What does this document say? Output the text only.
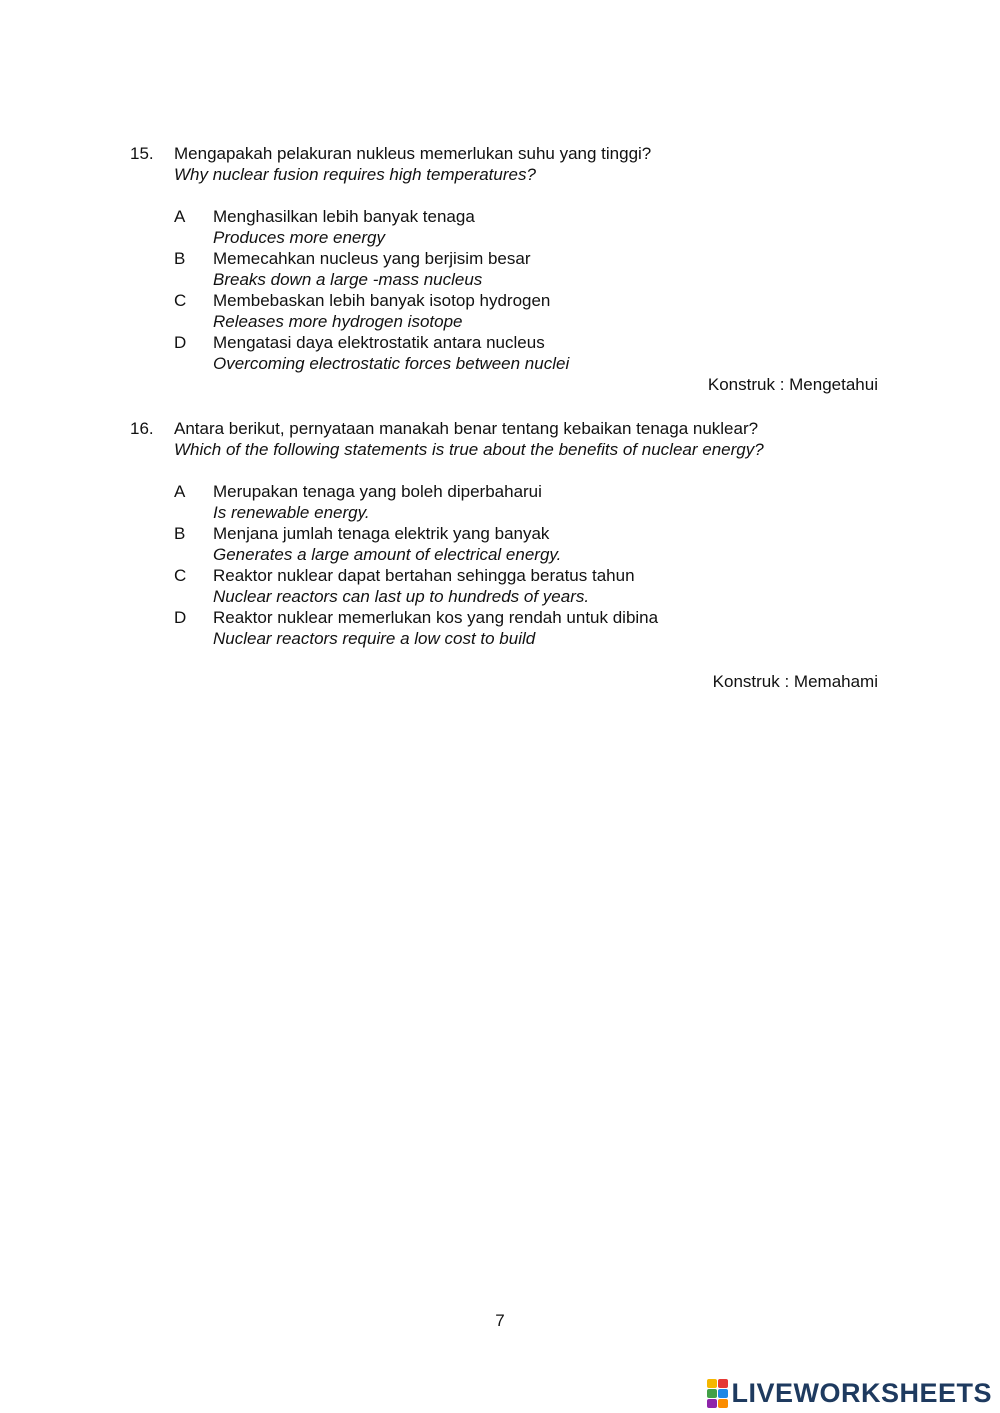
15. Mengapakah pelakuran nukleus memerlukan suhu yang tinggi?
Why nuclear fusion requires high temperatures?
A Menghasilkan lebih banyak tenaga
Produces more energy
B Memecahkan nucleus yang berjisim besar
Breaks down a large -mass nucleus
C Membebaskan lebih banyak isotop hydrogen
Releases more hydrogen isotope
D Mengatasi daya elektrostatik antara nucleus
Overcoming electrostatic forces between nuclei
Konstruk : Mengetahui
16. Antara berikut, pernyataan manakah benar tentang kebaikan tenaga nuklear?
Which of the following statements is true about the benefits of nuclear energy?
A Merupakan tenaga yang boleh diperbaharui
Is renewable energy.
B Menjana jumlah tenaga elektrik yang banyak
Generates a large amount of electrical energy.
C Reaktor nuklear dapat bertahan sehingga beratus tahun
Nuclear reactors can last up to hundreds of years.
D Reaktor nuklear memerlukan kos yang rendah untuk dibina
Nuclear reactors require a low cost to build
Konstruk : Memahami
7
LIVEWORKSHEETS
